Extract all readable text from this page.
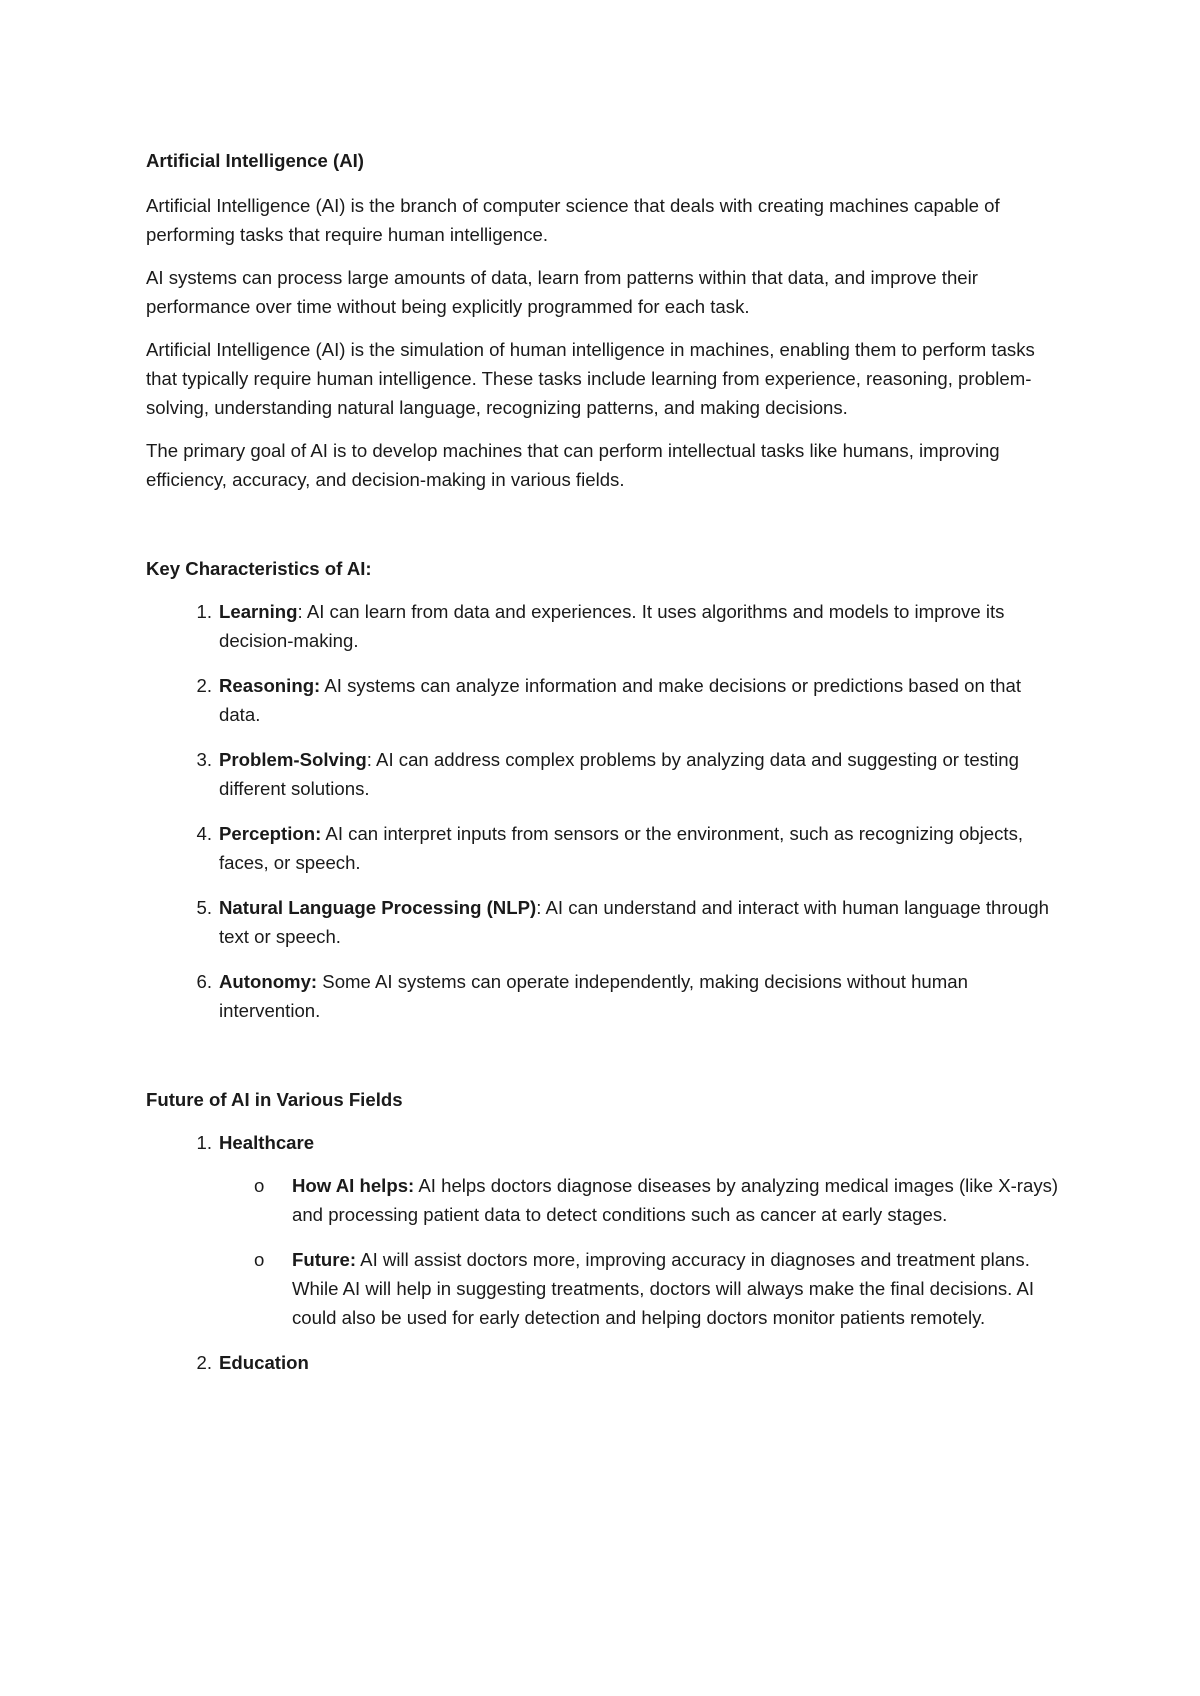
Artificial Intelligence (AI)

Artificial Intelligence (AI) is the branch of computer science that deals with creating machines capable of performing tasks that require human intelligence.

AI systems can process large amounts of data, learn from patterns within that data, and improve their performance over time without being explicitly programmed for each task.

Artificial Intelligence (AI) is the simulation of human intelligence in machines, enabling them to perform tasks that typically require human intelligence. These tasks include learning from experience, reasoning, problem-solving, understanding natural language, recognizing patterns, and making decisions.

The primary goal of AI is to develop machines that can perform intellectual tasks like humans, improving efficiency, accuracy, and decision-making in various fields.

Key Characteristics of AI:
1. Learning: AI can learn from data and experiences. It uses algorithms and models to improve its decision-making.
2. Reasoning: AI systems can analyze information and make decisions or predictions based on that data.
3. Problem-Solving: AI can address complex problems by analyzing data and suggesting or testing different solutions.
4. Perception: AI can interpret inputs from sensors or the environment, such as recognizing objects, faces, or speech.
5. Natural Language Processing (NLP): AI can understand and interact with human language through text or speech.
6. Autonomy: Some AI systems can operate independently, making decisions without human intervention.
Future of AI in Various Fields
1. Healthcare
o	How AI helps: AI helps doctors diagnose diseases by analyzing medical images (like X-rays) and processing patient data to detect conditions such as cancer at early stages.
o	Future: AI will assist doctors more, improving accuracy in diagnoses and treatment plans. While AI will help in suggesting treatments, doctors will always make the final decisions. AI could also be used for early detection and helping doctors monitor patients remotely.
2. Education
